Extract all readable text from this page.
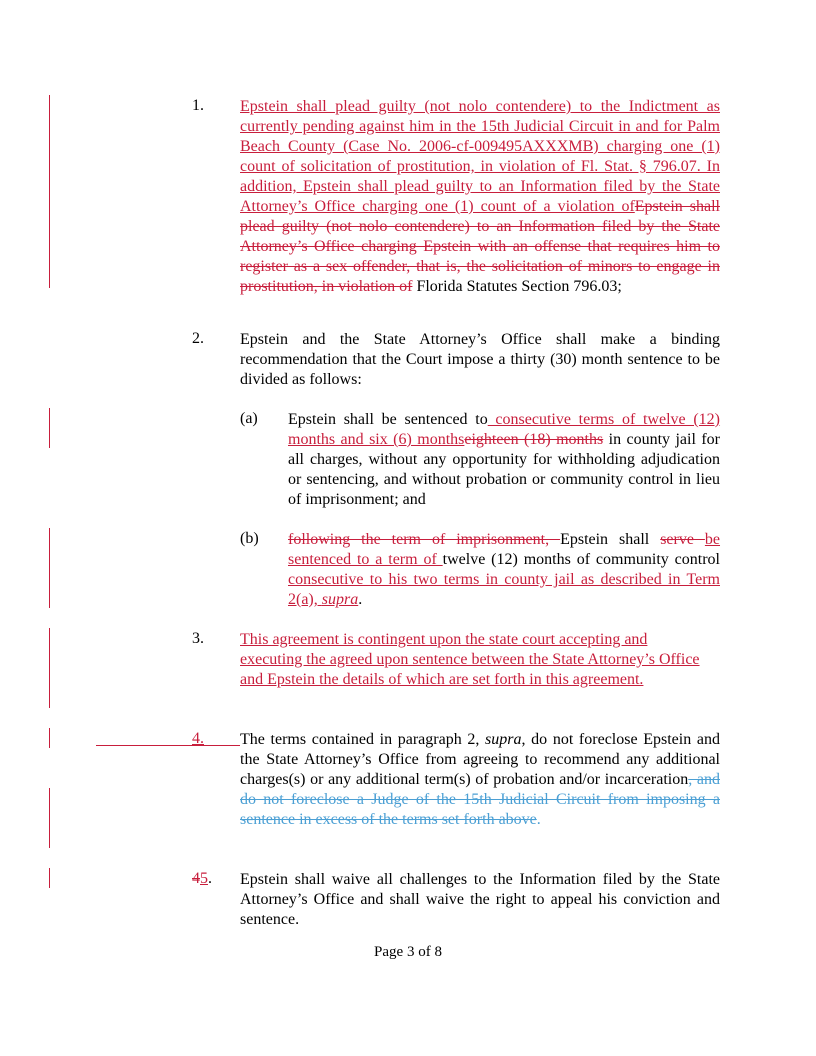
1.	Epstein shall plead guilty (not nolo contendere) to the Indictment as currently pending against him in the 15th Judicial Circuit in and for Palm Beach County (Case No. 2006-cf-009495AXXXMB) charging one (1) count of solicitation of prostitution, in violation of Fl. Stat. § 796.07. In addition, Epstein shall plead guilty to an Information filed by the State Attorney’s Office charging one (1) count of a violation ofEpstein shall plead guilty (not nolo contendere) to an Information filed by the State Attorney’s Office charging Epstein with an offense that requires him to register as a sex offender, that is, the solicitation of minors to engage in prostitution, in violation of Florida Statutes Section 796.03;
2.	Epstein and the State Attorney’s Office shall make a binding recommendation that the Court impose a thirty (30) month sentence to be divided as follows:
(a)	Epstein shall be sentenced to consecutive terms of twelve (12) months and six (6) monthseighteen (18) months in county jail for all charges, without any opportunity for withholding adjudication or sentencing, and without probation or community control in lieu of imprisonment; and
(b)	following the term of imprisonment, Epstein shall serve be sentenced to a term of twelve (12) months of community control consecutive to his two terms in county jail as described in Term 2(a), supra.
3.	This agreement is contingent upon the state court accepting and executing the agreed upon sentence between the State Attorney’s Office and Epstein the details of which are set forth in this agreement.
4.	The terms contained in paragraph 2, supra, do not foreclose Epstein and the State Attorney’s Office from agreeing to recommend any additional charges(s) or any additional term(s) of probation and/or incarceration, and do not foreclose a Judge of the 15th Judicial Circuit from imposing a sentence in excess of the terms set forth above.
45.	Epstein shall waive all challenges to the Information filed by the State Attorney’s Office and shall waive the right to appeal his conviction and sentence.
Page 3 of 8
